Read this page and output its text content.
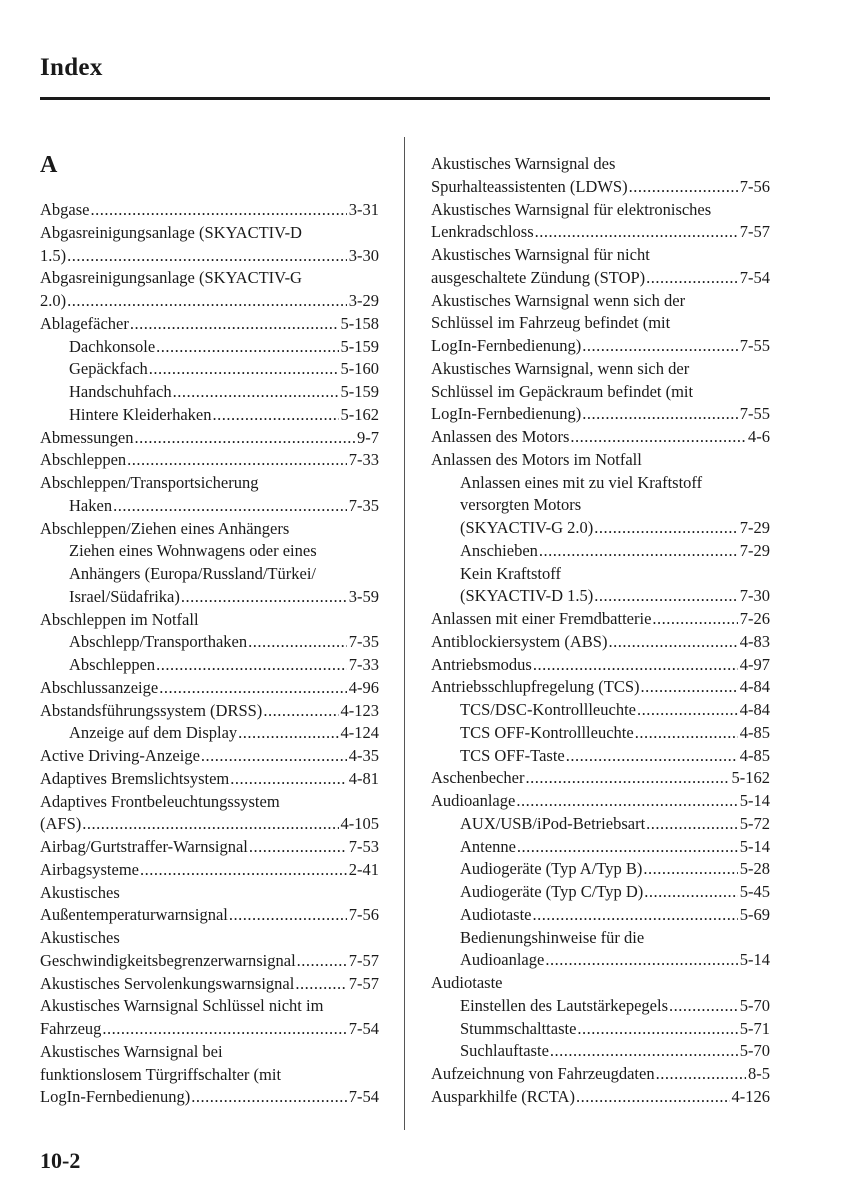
Index
A
Abgase .....	3-31
Abgasreinigungsanlage (SKYACTIV-D
1.5) .....	3-30
Abgasreinigungsanlage (SKYACTIV-G
2.0) .....	3-29
Ablagefächer .....	5-158
Dachkonsole .....	5-159
Gepäckfach .....	5-160
Handschuhfach .....	5-159
Hintere Kleiderhaken .....	5-162
Abmessungen .....	9-7
Abschleppen .....	7-33
Abschleppen/Transportsicherung
Haken .....	7-35
Abschleppen/Ziehen eines Anhängers
Ziehen eines Wohnwagens oder eines
Anhängers (Europa/Russland/Türkei/
Israel/Südafrika) .....	3-59
Abschleppen im Notfall
Abschlepp/Transporthaken .....	7-35
Abschleppen .....	7-33
Abschlussanzeige .....	4-96
Abstandsführungssystem (DRSS) .....	4-123
Anzeige auf dem Display .....	4-124
Active Driving-Anzeige .....	4-35
Adaptives Bremslichtsystem .....	4-81
Adaptives Frontbeleuchtungssystem
(AFS) .....	4-105
Airbag/Gurtstraffer-Warnsignal .....	7-53
Airbagsysteme .....	2-41
Akustisches
Außentemperaturwarnsignal .....	7-56
Akustisches
Geschwindigkeitsbegrenzerwarnsignal .....	7-57
Akustisches Servolenkungswarnsignal .....	7-57
Akustisches Warnsignal Schlüssel nicht im
Fahrzeug .....	7-54
Akustisches Warnsignal bei
funktionslosem Türgriffschalter (mit
LogIn-Fernbedienung) .....	7-54
Akustisches Warnsignal des
Spurhalteassistenten (LDWS) .....	7-56
Akustisches Warnsignal für elektronisches
Lenkradschloss .....	7-57
Akustisches Warnsignal für nicht
ausgeschaltete Zündung (STOP) .....	7-54
Akustisches Warnsignal wenn sich der
Schlüssel im Fahrzeug befindet (mit
LogIn-Fernbedienung) .....	7-55
Akustisches Warnsignal, wenn sich der
Schlüssel im Gepäckraum befindet (mit
LogIn-Fernbedienung) .....	7-55
Anlassen des Motors .....	4-6
Anlassen des Motors im Notfall
Anlassen eines mit zu viel Kraftstoff
versorgten Motors
(SKYACTIV-G 2.0) .....	7-29
Anschieben .....	7-29
Kein Kraftstoff
(SKYACTIV-D 1.5) .....	7-30
Anlassen mit einer Fremdbatterie .....	7-26
Antiblockiersystem (ABS) .....	4-83
Antriebsmodus .....	4-97
Antriebsschlupfregelung (TCS) .....	4-84
TCS/DSC-Kontrollleuchte .....	4-84
TCS OFF-Kontrollleuchte .....	4-85
TCS OFF-Taste .....	4-85
Aschenbecher .....	5-162
Audioanlage .....	5-14
AUX/USB/iPod-Betriebsart .....	5-72
Antenne .....	5-14
Audiogeräte (Typ A/Typ B) .....	5-28
Audiogeräte (Typ C/Typ D) .....	5-45
Audiotaste .....	5-69
Bedienungshinweise für die
Audioanlage .....	5-14
Audiotaste
Einstellen des Lautstärkepegels .....	5-70
Stummschalttaste .....	5-71
Suchlauftaste .....	5-70
Aufzeichnung von Fahrzeugdaten .....	8-5
Ausparkhilfe (RCTA) .....	4-126
10-2
